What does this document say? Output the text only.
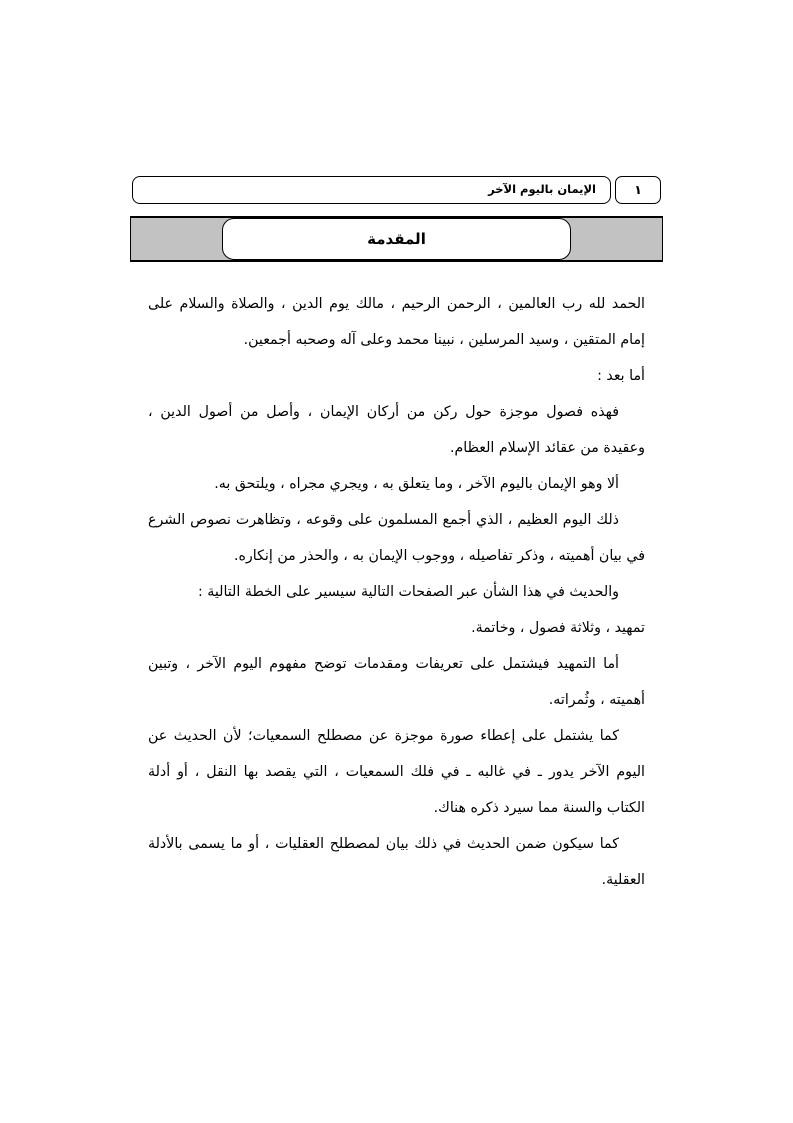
١
الإيمان باليوم الآخر
المقدمة

الحمد لله رب العالمين ، الرحمن الرحيم ، مالك يوم الدين ، والصلاة والسلام على إمام المتقين ، وسيد المرسلين ، نبينا محمد وعلى آله وصحبه أجمعين.

أما بعد :

فهذه فصول موجزة حول ركن من أركان الإيمان ، وأصل من أصول الدين ، وعقيدة من عقائد الإسلام العظام.

ألا وهو الإيمان باليوم الآخر ، وما يتعلق به ، ويجري مجراه ، ويلتحق به.

ذلك اليوم العظيم ، الذي أجمع المسلمون على وقوعه ، وتظاهرت نصوص الشرع في بيان أهميته ، وذكر تفاصيله ، ووجوب الإيمان به ، والحذر من إنكاره.

والحديث في هذا الشأن عبر الصفحات التالية سيسير على الخطة التالية :

تمهيد ، وثلاثة فصول ، وخاتمة.

أما التمهيد فيشتمل على تعريفات ومقدمات توضح مفهوم اليوم الآخر ، وتبين أهميته ، وثُمراته.

كما يشتمل على إعطاء صورة موجزة عن مصطلح السمعيات؛ لأن الحديث عن اليوم الآخر يدور ـ في غالبه ـ في فلك السمعيات ، التي يقصد بها النقل ، أو أدلة الكتاب والسنة مما سيرد ذكره هناك.

كما سيكون ضمن الحديث في ذلك بيان لمصطلح العقليات ، أو ما يسمى بالأدلة العقلية.
